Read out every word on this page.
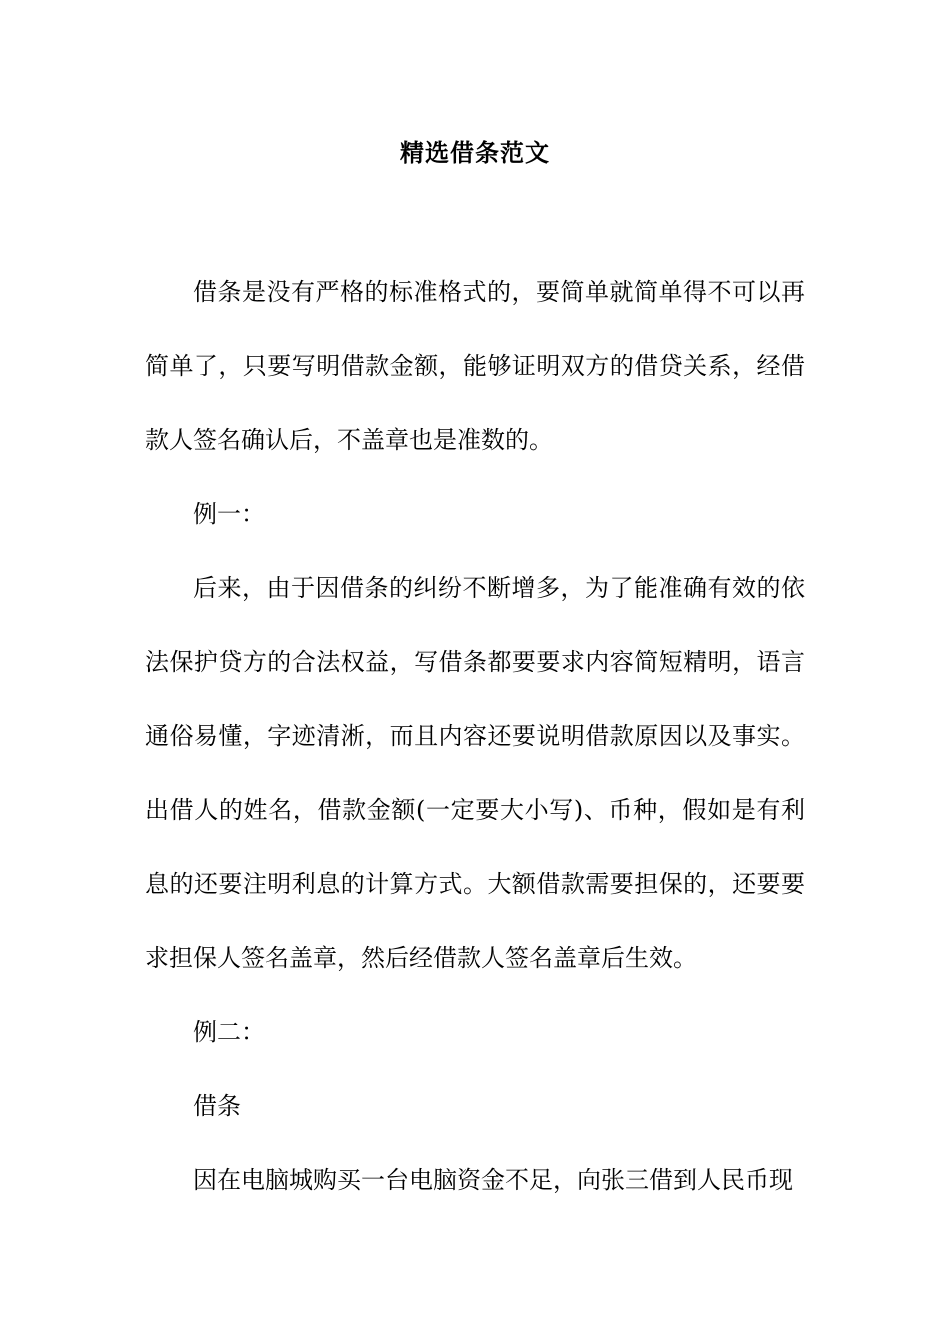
精选借条范文

借条是没有严格的标准格式的，要简单就简单得不可以再简单了，只要写明借款金额，能够证明双方的借贷关系，经借款人签名确认后，不盖章也是准数的。

例一：

后来，由于因借条的纠纷不断增多，为了能准确有效的依法保护贷方的合法权益，写借条都要要求内容简短精明，语言通俗易懂，字迹清淅，而且内容还要说明借款原因以及事实。出借人的姓名，借款金额(一定要大小写)、币种，假如是有利息的还要注明利息的计算方式。大额借款需要担保的，还要要求担保人签名盖章，然后经借款人签名盖章后生效。

例二：

借条

因在电脑城购买一台电脑资金不足，向张三借到人民币现
